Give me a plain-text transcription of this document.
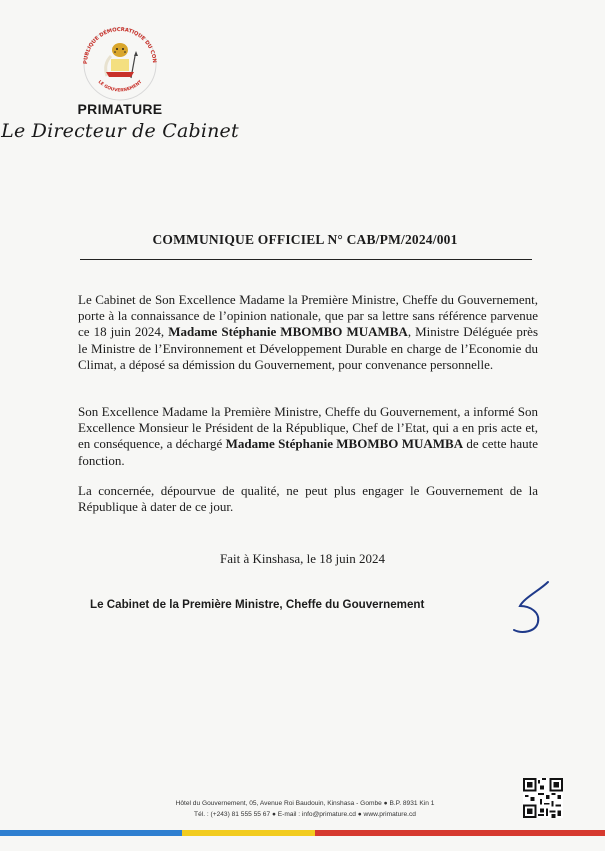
PUBLIQUE DÉMOCRATIQUE DU CON
LE GOUVERNEMENT
PRIMATURE
Le Directeur de Cabinet
COMMUNIQUE OFFICIEL N° CAB/PM/2024/001
Le Cabinet de Son Excellence Madame la Première Ministre, Cheffe du Gouvernement, porte à la connaissance de l’opinion nationale, que par sa lettre sans référence parvenue ce 18 juin 2024, Madame Stéphanie MBOMBO MUAMBA, Ministre Déléguée près le Ministre de l’Environnement et Développement Durable en charge de l’Economie du Climat, a déposé sa démission du Gouvernement, pour convenance personnelle.
Son Excellence Madame la Première Ministre, Cheffe du Gouvernement, a informé Son Excellence Monsieur le Président de la République, Chef de l’Etat, qui a en pris acte et, en conséquence, a déchargé Madame Stéphanie MBOMBO MUAMBA de cette haute fonction.
La concernée, dépourvue de qualité, ne peut plus engager le Gouvernement de la République à dater de ce jour.
Fait à Kinshasa, le 18 juin 2024
Le Cabinet de la Première Ministre, Cheffe du Gouvernement
Hôtel du Gouvernement, 05, Avenue Roi Baudouin, Kinshasa - Gombe ● B.P. 8931 Kin 1
Tél. : (+243) 81 555 55 67 ● E-mail : info@primature.cd ● www.primature.cd
